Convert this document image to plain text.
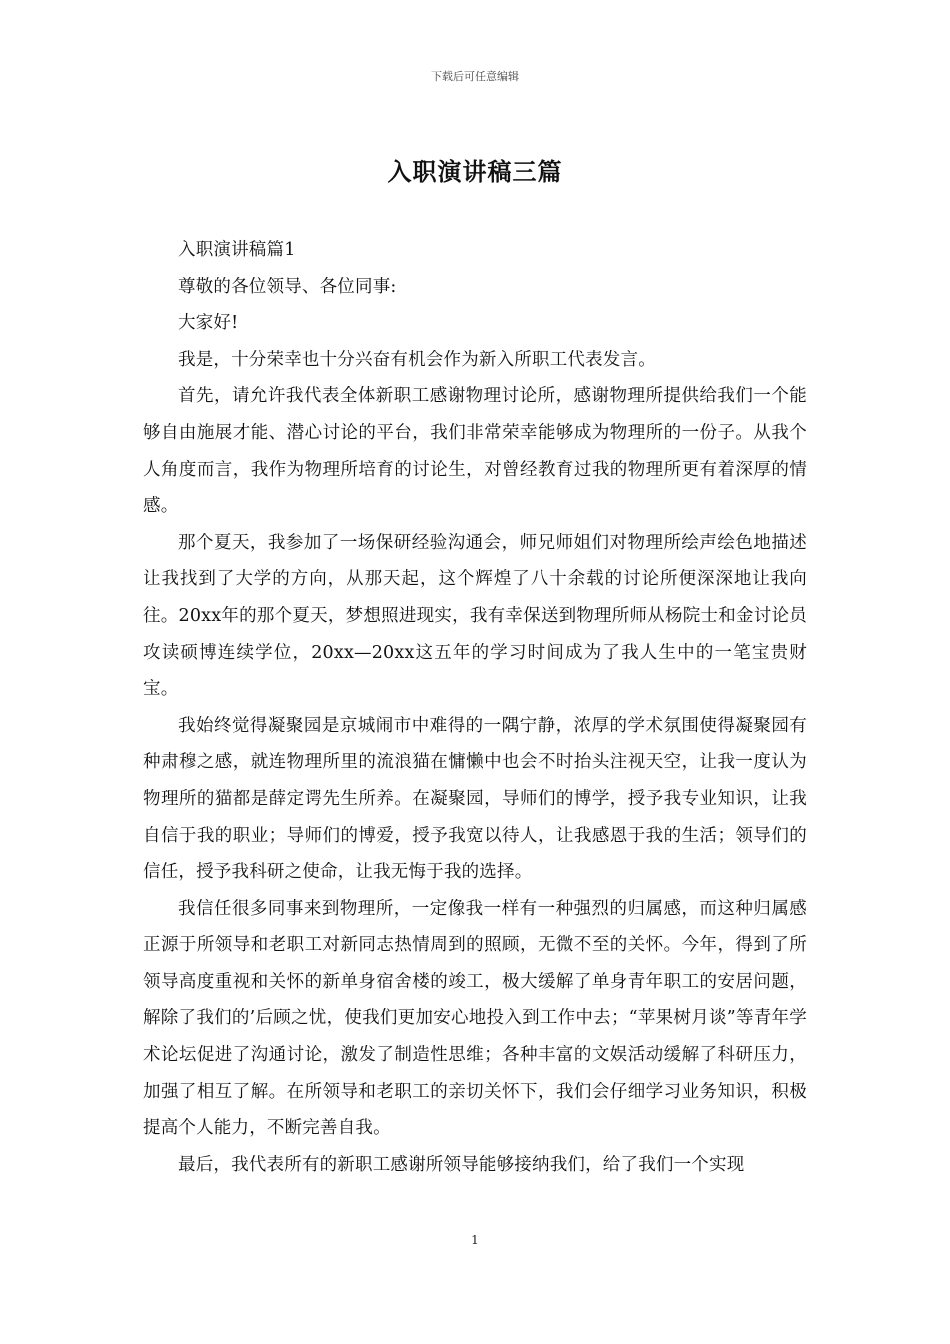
下载后可任意编辑
入职演讲稿三篇

入职演讲稿篇1

尊敬的各位领导、各位同事:

大家好!

我是，十分荣幸也十分兴奋有机会作为新入所职工代表发言。

首先，请允许我代表全体新职工感谢物理讨论所，感谢物理所提供给我们一个能够自由施展才能、潜心讨论的平台，我们非常荣幸能够成为物理所的一份子。从我个人角度而言，我作为物理所培育的讨论生，对曾经教育过我的物理所更有着深厚的情感。

那个夏天，我参加了一场保研经验沟通会，师兄师姐们对物理所绘声绘色地描述让我找到了大学的方向，从那天起，这个辉煌了八十余载的讨论所便深深地让我向往。20xx年的那个夏天，梦想照进现实，我有幸保送到物理所师从杨院士和金讨论员攻读硕博连续学位，20xx—20xx这五年的学习时间成为了我人生中的一笔宝贵财宝。

我始终觉得凝聚园是京城闹市中难得的一隅宁静，浓厚的学术氛围使得凝聚园有种肃穆之感，就连物理所里的流浪猫在慵懒中也会不时抬头注视天空，让我一度认为物理所的猫都是薛定谔先生所养。在凝聚园，导师们的博学，授予我专业知识，让我自信于我的职业；导师们的博爱，授予我宽以待人，让我感恩于我的生活；领导们的信任，授予我科研之使命，让我无悔于我的选择。

我信任很多同事来到物理所，一定像我一样有一种强烈的归属感，而这种归属感正源于所领导和老职工对新同志热情周到的照顾，无微不至的关怀。今年，得到了所领导高度重视和关怀的新单身宿舍楼的竣工，极大缓解了单身青年职工的安居问题，解除了我们的’后顾之忧，使我们更加安心地投入到工作中去；“苹果树月谈”等青年学术论坛促进了沟通讨论，激发了制造性思维；各种丰富的文娱活动缓解了科研压力，加强了相互了解。在所领导和老职工的亲切关怀下，我们会仔细学习业务知识，积极提高个人能力，不断完善自我。

最后，我代表所有的新职工感谢所领导能够接纳我们，给了我们一个实现

1
